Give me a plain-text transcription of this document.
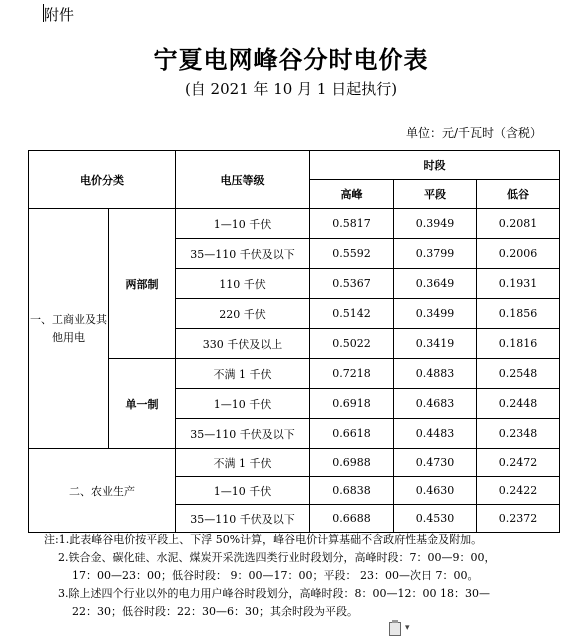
附件
宁夏电网峰谷分时电价表
(自 2021 年 10 月 1 日起执行)
单位：元/千瓦时（含税）
电价分类		电压等级	时段		
			高峰	平段	低谷
一、工商业及其他用电	两部制	1—10 千伏	0.5817	0.3949	0.2081
		35—110 千伏及以下	0.5592	0.3799	0.2006
		110 千伏	0.5367	0.3649	0.1931
		220 千伏	0.5142	0.3499	0.1856
		330 千伏及以上	0.5022	0.3419	0.1816
	单一制	不满 1 千伏	0.7218	0.4883	0.2548
		1—10 千伏	0.6918	0.4683	0.2448
		35—110 千伏及以下	0.6618	0.4483	0.2348
二、农业生产		不满 1 千伏	0.6988	0.4730	0.2472
		1—10 千伏	0.6838	0.4630	0.2422
		35—110 千伏及以下	0.6688	0.4530	0.2372
注:1.此表峰谷电价按平段上、下浮 50%计算，峰谷电价计算基础不含政府性基金及附加。
2.铁合金、碳化硅、水泥、煤炭开采洗选四类行业时段划分，高峰时段：7：00—9：00，
17：00—23：00；低谷时段： 9：00—17：00；平段： 23：00—次日 7：00。
3.除上述四个行业以外的电力用户峰谷时段划分，高峰时段：8：00—12：00 18：30—
22：30；低谷时段：22：30—6：30；其余时段为平段。
▾
